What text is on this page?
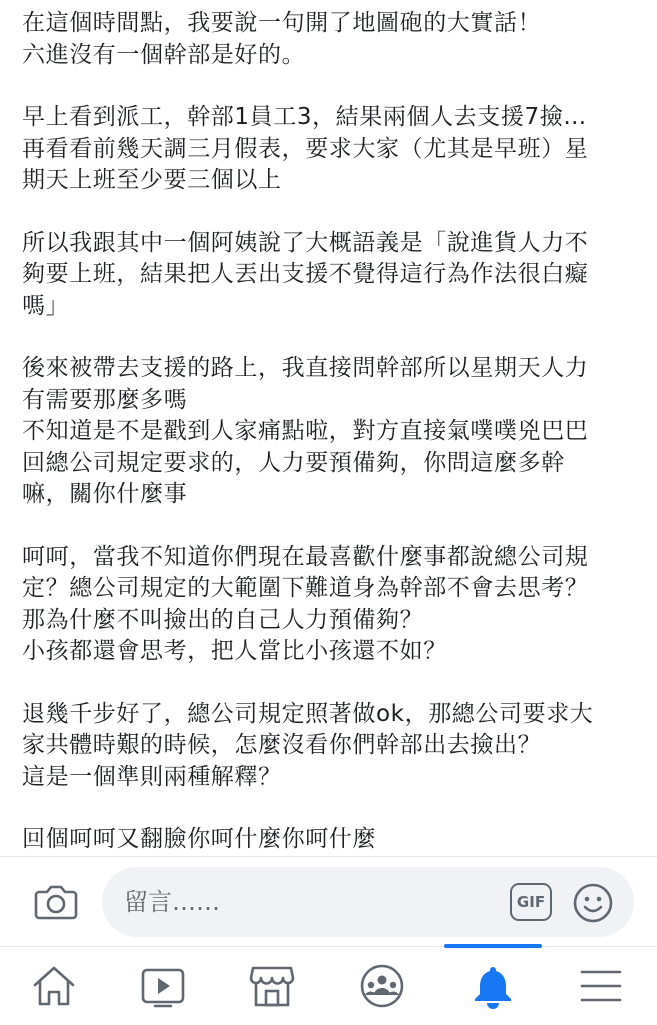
在這個時間點，我要說一句開了地圖砲的大實話！
六進沒有一個幹部是好的。
早上看到派工，幹部1員工3，結果兩個人去支援7撿…
再看看前幾天調三月假表，要求大家（尤其是早班）星
期天上班至少要三個以上
所以我跟其中一個阿姨說了大概語義是「說進貨人力不
夠要上班，結果把人丟出支援不覺得這行為作法很白癡
嗎」
後來被帶去支援的路上，我直接問幹部所以星期天人力
有需要那麼多嗎
不知道是不是戳到人家痛點啦，對方直接氣噗噗兇巴巴
回總公司規定要求的，人力要預備夠，你問這麼多幹
嘛，關你什麼事
呵呵，當我不知道你們現在最喜歡什麼事都說總公司規
定？總公司規定的大範圍下難道身為幹部不會去思考？
那為什麼不叫撿出的自己人力預備夠？
小孩都還會思考，把人當比小孩還不如？
退幾千步好了，總公司規定照著做ok，那總公司要求大
家共體時艱的時候，怎麼沒看你們幹部出去撿出？
這是一個準則兩種解釋？
回個呵呵又翻臉你呵什麼你呵什麼
留言……	GIF
